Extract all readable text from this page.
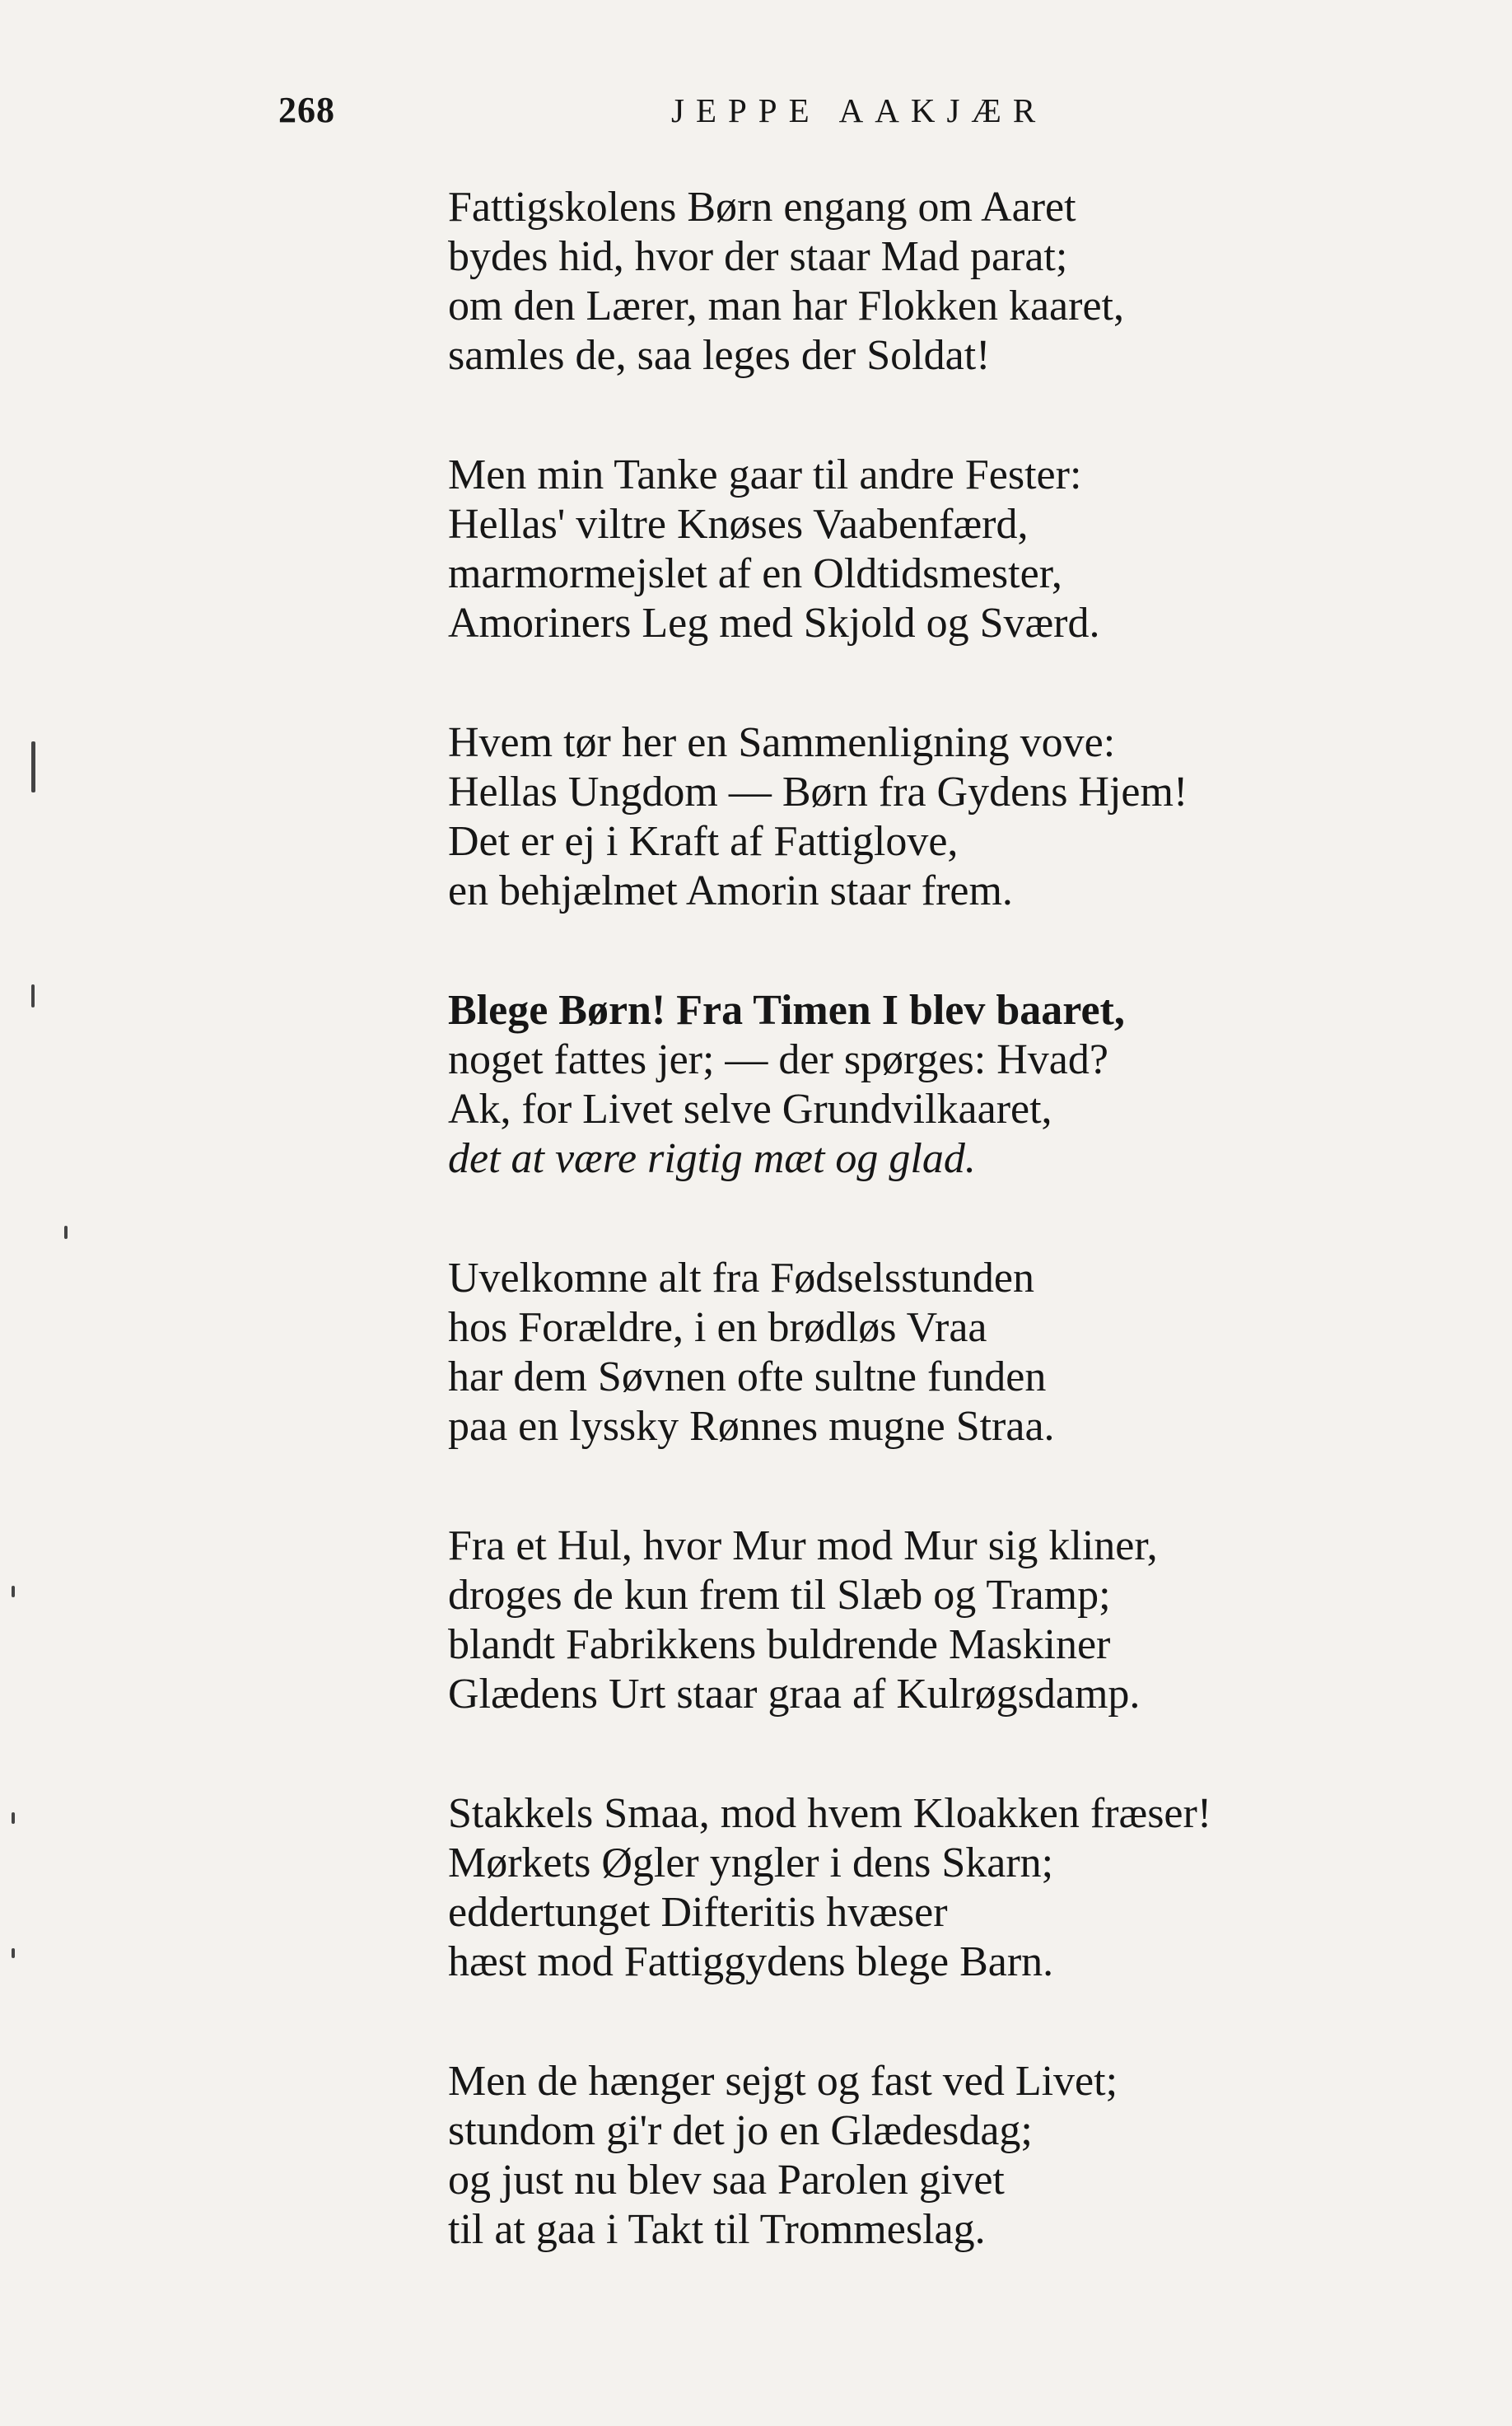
268	JEPPE AAKJÆR
Fattigskolens Børn engang om Aaret
bydes hid, hvor der staar Mad parat;
om den Lærer, man har Flokken kaaret,
samles de, saa leges der Soldat!
Men min Tanke gaar til andre Fester:
Hellas' viltre Knøses Vaabenfærd,
marmormejslet af en Oldtidsmester,
Amoriners Leg med Skjold og Sværd.
Hvem tør her en Sammenligning vove:
Hellas Ungdom — Børn fra Gydens Hjem!
Det er ej i Kraft af Fattiglove,
en behjælmet Amorin staar frem.
Blege Børn! Fra Timen I blev baaret,
noget fattes jer; — der spørges: Hvad?
Ak, for Livet selve Grundvilkaaret,
det at være rigtig mæt og glad.
Uvelkomne alt fra Fødselsstunden
hos Forældre, i en brødløs Vraa
har dem Søvnen ofte sultne funden
paa en lyssky Rønnes mugne Straa.
Fra et Hul, hvor Mur mod Mur sig kliner,
droges de kun frem til Slæb og Tramp;
blandt Fabrikkens buldrende Maskiner
Glædens Urt staar graa af Kulrøgsdamp.
Stakkels Smaa, mod hvem Kloakken fræser!
Mørkets Øgler yngler i dens Skarn;
eddertunget Difteritis hvæser
hæst mod Fattiggydens blege Barn.
Men de hænger sejgt og fast ved Livet;
stundom gi'r det jo en Glædesdag;
og just nu blev saa Parolen givet
til at gaa i Takt til Trommeslag.
